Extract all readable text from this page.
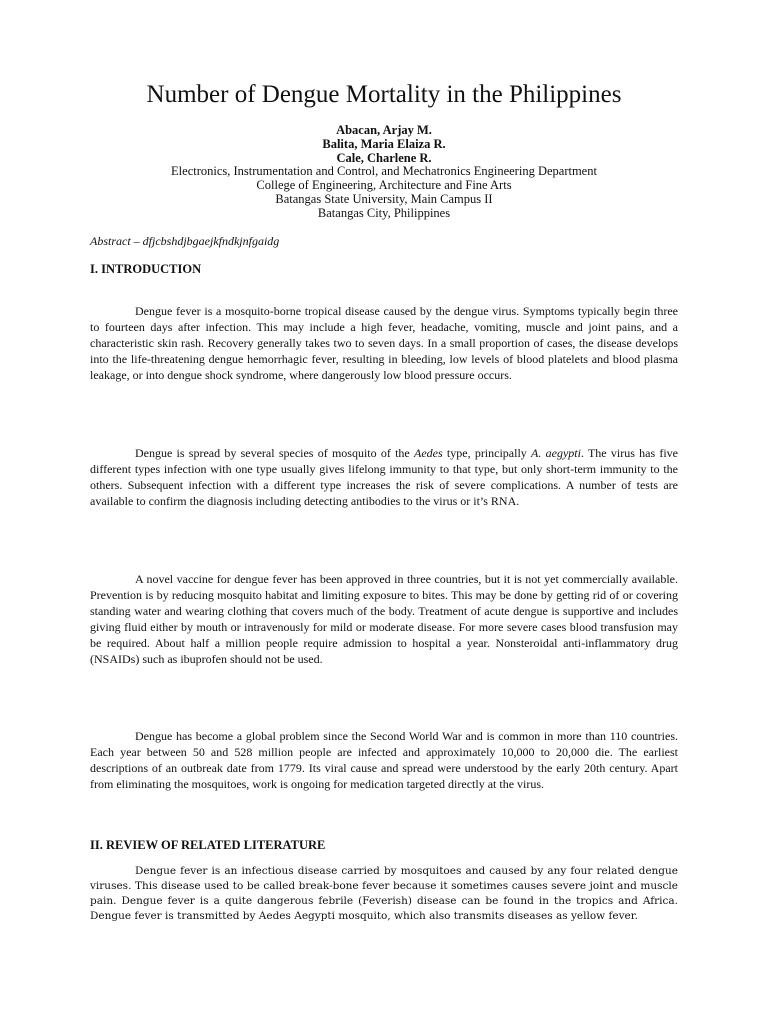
Number of Dengue Mortality in the Philippines
Abacan, Arjay M.
Balita, Maria Elaiza R.
Cale, Charlene R.
Electronics, Instrumentation and Control, and Mechatronics Engineering Department
College of Engineering, Architecture and Fine Arts
Batangas State University, Main Campus II
Batangas City, Philippines
Abstract – dfjcbshdjbgaejkfndkjnfgaidg
I. INTRODUCTION

Dengue fever is a mosquito-borne tropical disease caused by the dengue virus. Symptoms typically begin three to fourteen days after infection. This may include a high fever, headache, vomiting, muscle and joint pains, and a characteristic skin rash. Recovery generally takes two to seven days. In a small proportion of cases, the disease develops into the life-threatening dengue hemorrhagic fever, resulting in bleeding, low levels of blood platelets and blood plasma leakage, or into dengue shock syndrome, where dangerously low blood pressure occurs.

Dengue is spread by several species of mosquito of the Aedes type, principally A. aegypti. The virus has five different types infection with one type usually gives lifelong immunity to that type, but only short-term immunity to the others. Subsequent infection with a different type increases the risk of severe complications. A number of tests are available to confirm the diagnosis including detecting antibodies to the virus or it’s RNA.

A novel vaccine for dengue fever has been approved in three countries, but it is not yet commercially available. Prevention is by reducing mosquito habitat and limiting exposure to bites. This may be done by getting rid of or covering standing water and wearing clothing that covers much of the body. Treatment of acute dengue is supportive and includes giving fluid either by mouth or intravenously for mild or moderate disease. For more severe cases blood transfusion may be required. About half a million people require admission to hospital a year. Nonsteroidal anti-inflammatory drug (NSAIDs) such as ibuprofen should not be used.

Dengue has become a global problem since the Second World War and is common in more than 110 countries. Each year between 50 and 528 million people are infected and approximately 10,000 to 20,000 die. The earliest descriptions of an outbreak date from 1779. Its viral cause and spread were understood by the early 20th century. Apart from eliminating the mosquitoes, work is ongoing for medication targeted directly at the virus.

II. REVIEW OF RELATED LITERATURE

Dengue fever is an infectious disease carried by mosquitoes and caused by any four related dengue viruses. This disease used to be called break-bone fever because it sometimes causes severe joint and muscle pain. Dengue fever is a quite dangerous febrile (Feverish) disease can be found in the tropics and Africa. Dengue fever is transmitted by Aedes Aegypti mosquito, which also transmits diseases as yellow fever.
